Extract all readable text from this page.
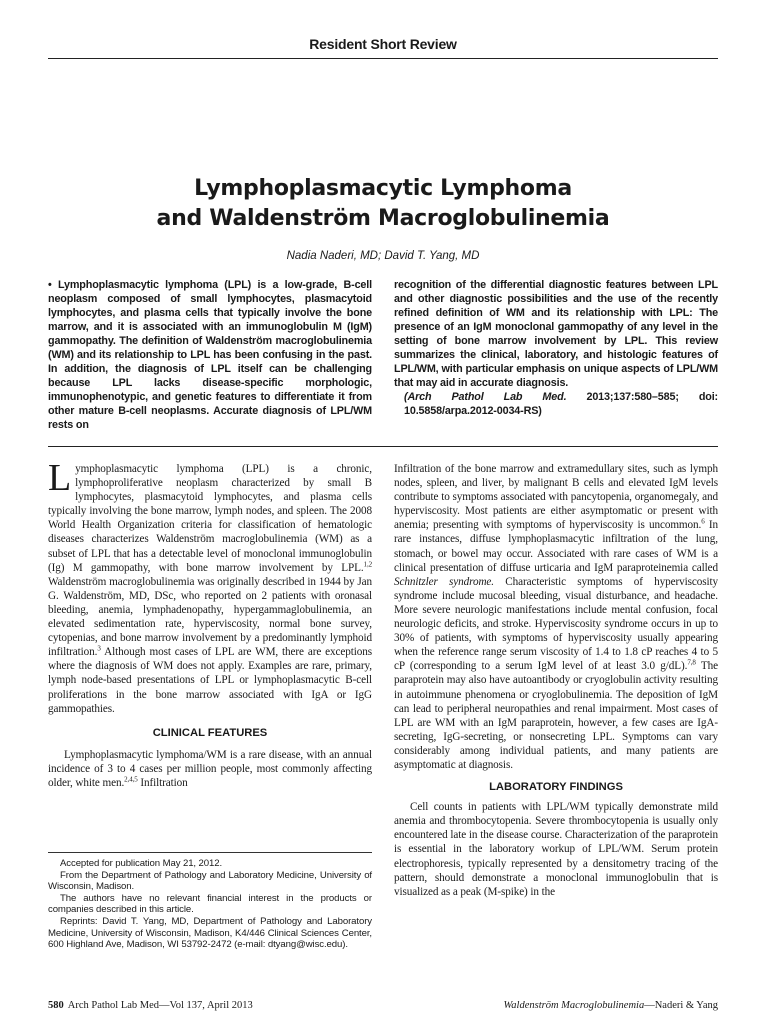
Resident Short Review
Lymphoplasmacytic Lymphoma
and Waldenström Macroglobulinemia
Nadia Naderi, MD; David T. Yang, MD
• Lymphoplasmacytic lymphoma (LPL) is a low-grade, B-cell neoplasm composed of small lymphocytes, plasmacytoid lymphocytes, and plasma cells that typically involve the bone marrow, and it is associated with an immunoglobulin M (IgM) gammopathy. The definition of Waldenström macroglobulinemia (WM) and its relationship to LPL has been confusing in the past. In addition, the diagnosis of LPL itself can be challenging because LPL lacks disease-specific morphologic, immunophenotypic, and genetic features to differentiate it from other mature B-cell neoplasms. Accurate diagnosis of LPL/WM rests on
recognition of the differential diagnostic features between LPL and other diagnostic possibilities and the use of the recently refined definition of WM and its relationship with LPL: The presence of an IgM monoclonal gammopathy of any level in the setting of bone marrow involvement by LPL. This review summarizes the clinical, laboratory, and histologic features of LPL/WM, with particular emphasis on unique aspects of LPL/WM that may aid in accurate diagnosis.
(Arch Pathol Lab Med. 2013;137:580–585; doi: 10.5858/arpa.2012-0034-RS)

Lymphoplasmacytic lymphoma (LPL) is a chronic, lymphoproliferative neoplasm characterized by small B lymphocytes, plasmacytoid lymphocytes, and plasma cells typically involving the bone marrow, lymph nodes, and spleen. The 2008 World Health Organization criteria for classification of hematologic diseases characterizes Waldenström macroglobulinemia (WM) as a subset of LPL that has a detectable level of monoclonal immunoglobulin (Ig) M gammopathy, with bone marrow involvement by LPL.$^{1,2}$ Waldenström macroglobulinemia was originally described in 1944 by Jan G. Waldenström, MD, DSc, who reported on 2 patients with oronasal bleeding, anemia, lymphadenopathy, hypergammaglobulinemia, an elevated sedimentation rate, hyperviscosity, normal bone survey, cytopenias, and bone marrow involvement by a predominantly lymphoid infiltration.$^3$ Although most cases of LPL are WM, there are exceptions where the diagnosis of WM does not apply. Examples are rare, primary, lymph node-based presentations of LPL or lymphoplasmacytic B-cell proliferations in the bone marrow associated with IgA or IgG gammopathies.

CLINICAL FEATURES

Lymphoplasmacytic lymphoma/WM is a rare disease, with an annual incidence of 3 to 4 cases per million people, most commonly affecting older, white men.$^{2,4,5}$ Infiltration

Infiltration of the bone marrow and extramedullary sites, such as lymph nodes, spleen, and liver, by malignant B cells and elevated IgM levels contribute to symptoms associated with pancytopenia, organomegaly, and hyperviscosity. Most patients are either asymptomatic or present with anemia; presenting with symptoms of hyperviscosity is uncommon.$^6$ In rare instances, diffuse lymphoplasmacytic infiltration of the lung, stomach, or bowel may occur. Associated with rare cases of WM is a clinical presentation of diffuse urticaria and IgM paraproteinemia called Schnitzler syndrome. Characteristic symptoms of hyperviscosity syndrome include mucosal bleeding, visual disturbance, and headache. More severe neurologic manifestations include mental confusion, focal neurologic deficits, and stroke. Hyperviscosity syndrome occurs in up to 30% of patients, with symptoms of hyperviscosity usually appearing when the reference range serum viscosity of 1.4 to 1.8 cP reaches 4 to 5 cP (corresponding to a serum IgM level of at least 3.0 g/dL).$^{7,8}$ The paraprotein may also have autoantibody or cryoglobulin activity resulting in autoimmune phenomena or cryoglobulinemia. The deposition of IgM can lead to peripheral neuropathies and renal impairment. Most cases of LPL are WM with an IgM paraprotein, however, a few cases are IgA-secreting, IgG-secreting, or nonsecreting LPL. Symptoms can vary considerably among individual patients, and many patients are asymptomatic at diagnosis.

LABORATORY FINDINGS

Cell counts in patients with LPL/WM typically demonstrate mild anemia and thrombocytopenia. Severe thrombocytopenia is usually only encountered late in the disease course. Characterization of the paraprotein is essential in the laboratory workup of LPL/WM. Serum protein electrophoresis, typically represented by a densitometry tracing of the pattern, should demonstrate a monoclonal immunoglobulin that is visualized as a peak (M-spike) in the

Accepted for publication May 21, 2012.

From the Department of Pathology and Laboratory Medicine, University of Wisconsin, Madison.

The authors have no relevant financial interest in the products or companies described in this article.

Reprints: David T. Yang, MD, Department of Pathology and Laboratory Medicine, University of Wisconsin, Madison, K4/446 Clinical Sciences Center, 600 Highland Ave, Madison, WI 53792-2472 (e-mail: dtyang@wisc.edu).

580 Arch Pathol Lab Med—Vol 137, April 2013	Waldenström Macroglobulinemia—Naderi & Yang
